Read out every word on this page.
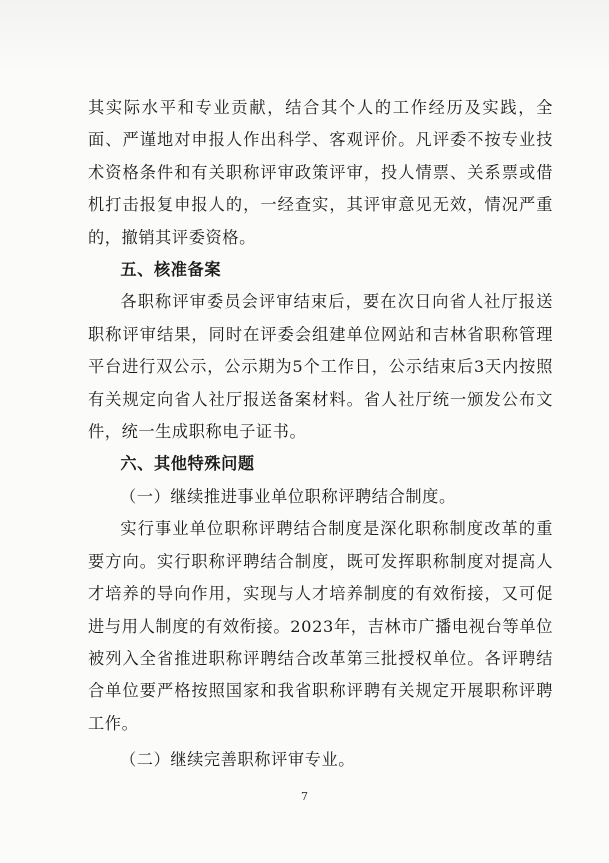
其实际水平和专业贡献，结合其个人的工作经历及实践，全面、严谨地对申报人作出科学、客观评价。凡评委不按专业技术资格条件和有关职称评审政策评审，投人情票、关系票或借机打击报复申报人的，一经查实，其评审意见无效，情况严重的，撤销其评委资格。

五、核准备案

各职称评审委员会评审结束后，要在次日向省人社厅报送职称评审结果，同时在评委会组建单位网站和吉林省职称管理平台进行双公示，公示期为5个工作日，公示结束后3天内按照有关规定向省人社厅报送备案材料。省人社厅统一颁发公布文件，统一生成职称电子证书。

六、其他特殊问题

（一）继续推进事业单位职称评聘结合制度。

实行事业单位职称评聘结合制度是深化职称制度改革的重要方向。实行职称评聘结合制度，既可发挥职称制度对提高人才培养的导向作用，实现与人才培养制度的有效衔接，又可促进与用人制度的有效衔接。2023年，吉林市广播电视台等单位被列入全省推进职称评聘结合改革第三批授权单位。各评聘结合单位要严格按照国家和我省职称评聘有关规定开展职称评聘工作。

（二）继续完善职称评审专业。

7
